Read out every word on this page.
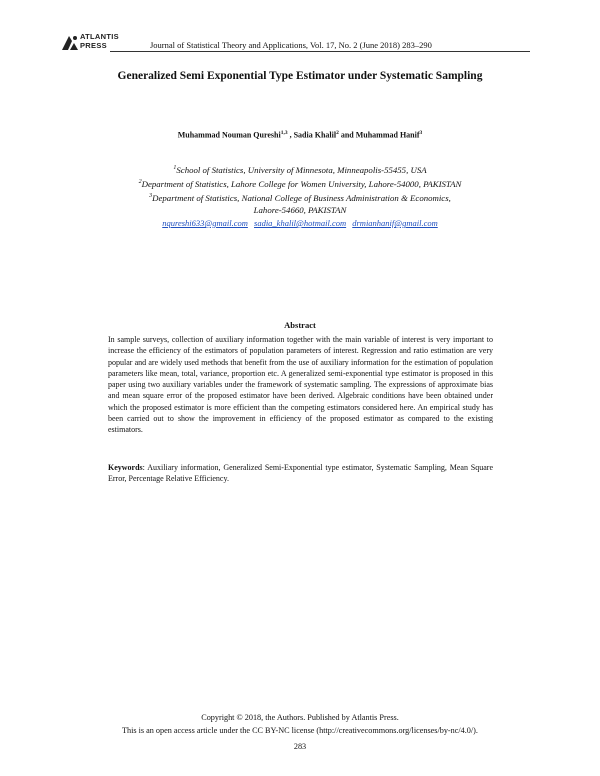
ATLANTIS
PRESS	Journal of Statistical Theory and Applications, Vol. 17, No. 2 (June 2018) 283–290
Generalized Semi Exponential Type Estimator under Systematic Sampling
Muhammad Nouman Qureshi$^{1,3}$ , Sadia Khalil$^2$ and Muhammad Hanif$^3$
$^1$School of Statistics, University of Minnesota, Minneapolis-55455, USA
$^2$Department of Statistics, Lahore College for Women University, Lahore-54000, PAKISTAN
$^3$Department of Statistics, National College of Business Administration & Economics,
Lahore-54660, PAKISTAN
nqureshi633@gmail.com sadia_khalil@hotmail.com drmianhanif@gmail.com
Abstract
In sample surveys, collection of auxiliary information together with the main variable of interest is very important to increase the efficiency of the estimators of population parameters of interest. Regression and ratio estimation are very popular and are widely used methods that benefit from the use of auxiliary information for the estimation of population parameters like mean, total, variance, proportion etc. A generalized semi-exponential type estimator is proposed in this paper using two auxiliary variables under the framework of systematic sampling. The expressions of approximate bias and mean square error of the proposed estimator have been derived. Algebraic conditions have been obtained under which the proposed estimator is more efficient than the competing estimators considered here. An empirical study has been carried out to show the improvement in efficiency of the proposed estimator as compared to the existing estimators.
Keywords: Auxiliary information, Generalized Semi-Exponential type estimator, Systematic Sampling, Mean Square Error, Percentage Relative Efficiency.
Copyright © 2018, the Authors. Published by Atlantis Press.
This is an open access article under the CC BY-NC license (http://creativecommons.org/licenses/by-nc/4.0/).
283
